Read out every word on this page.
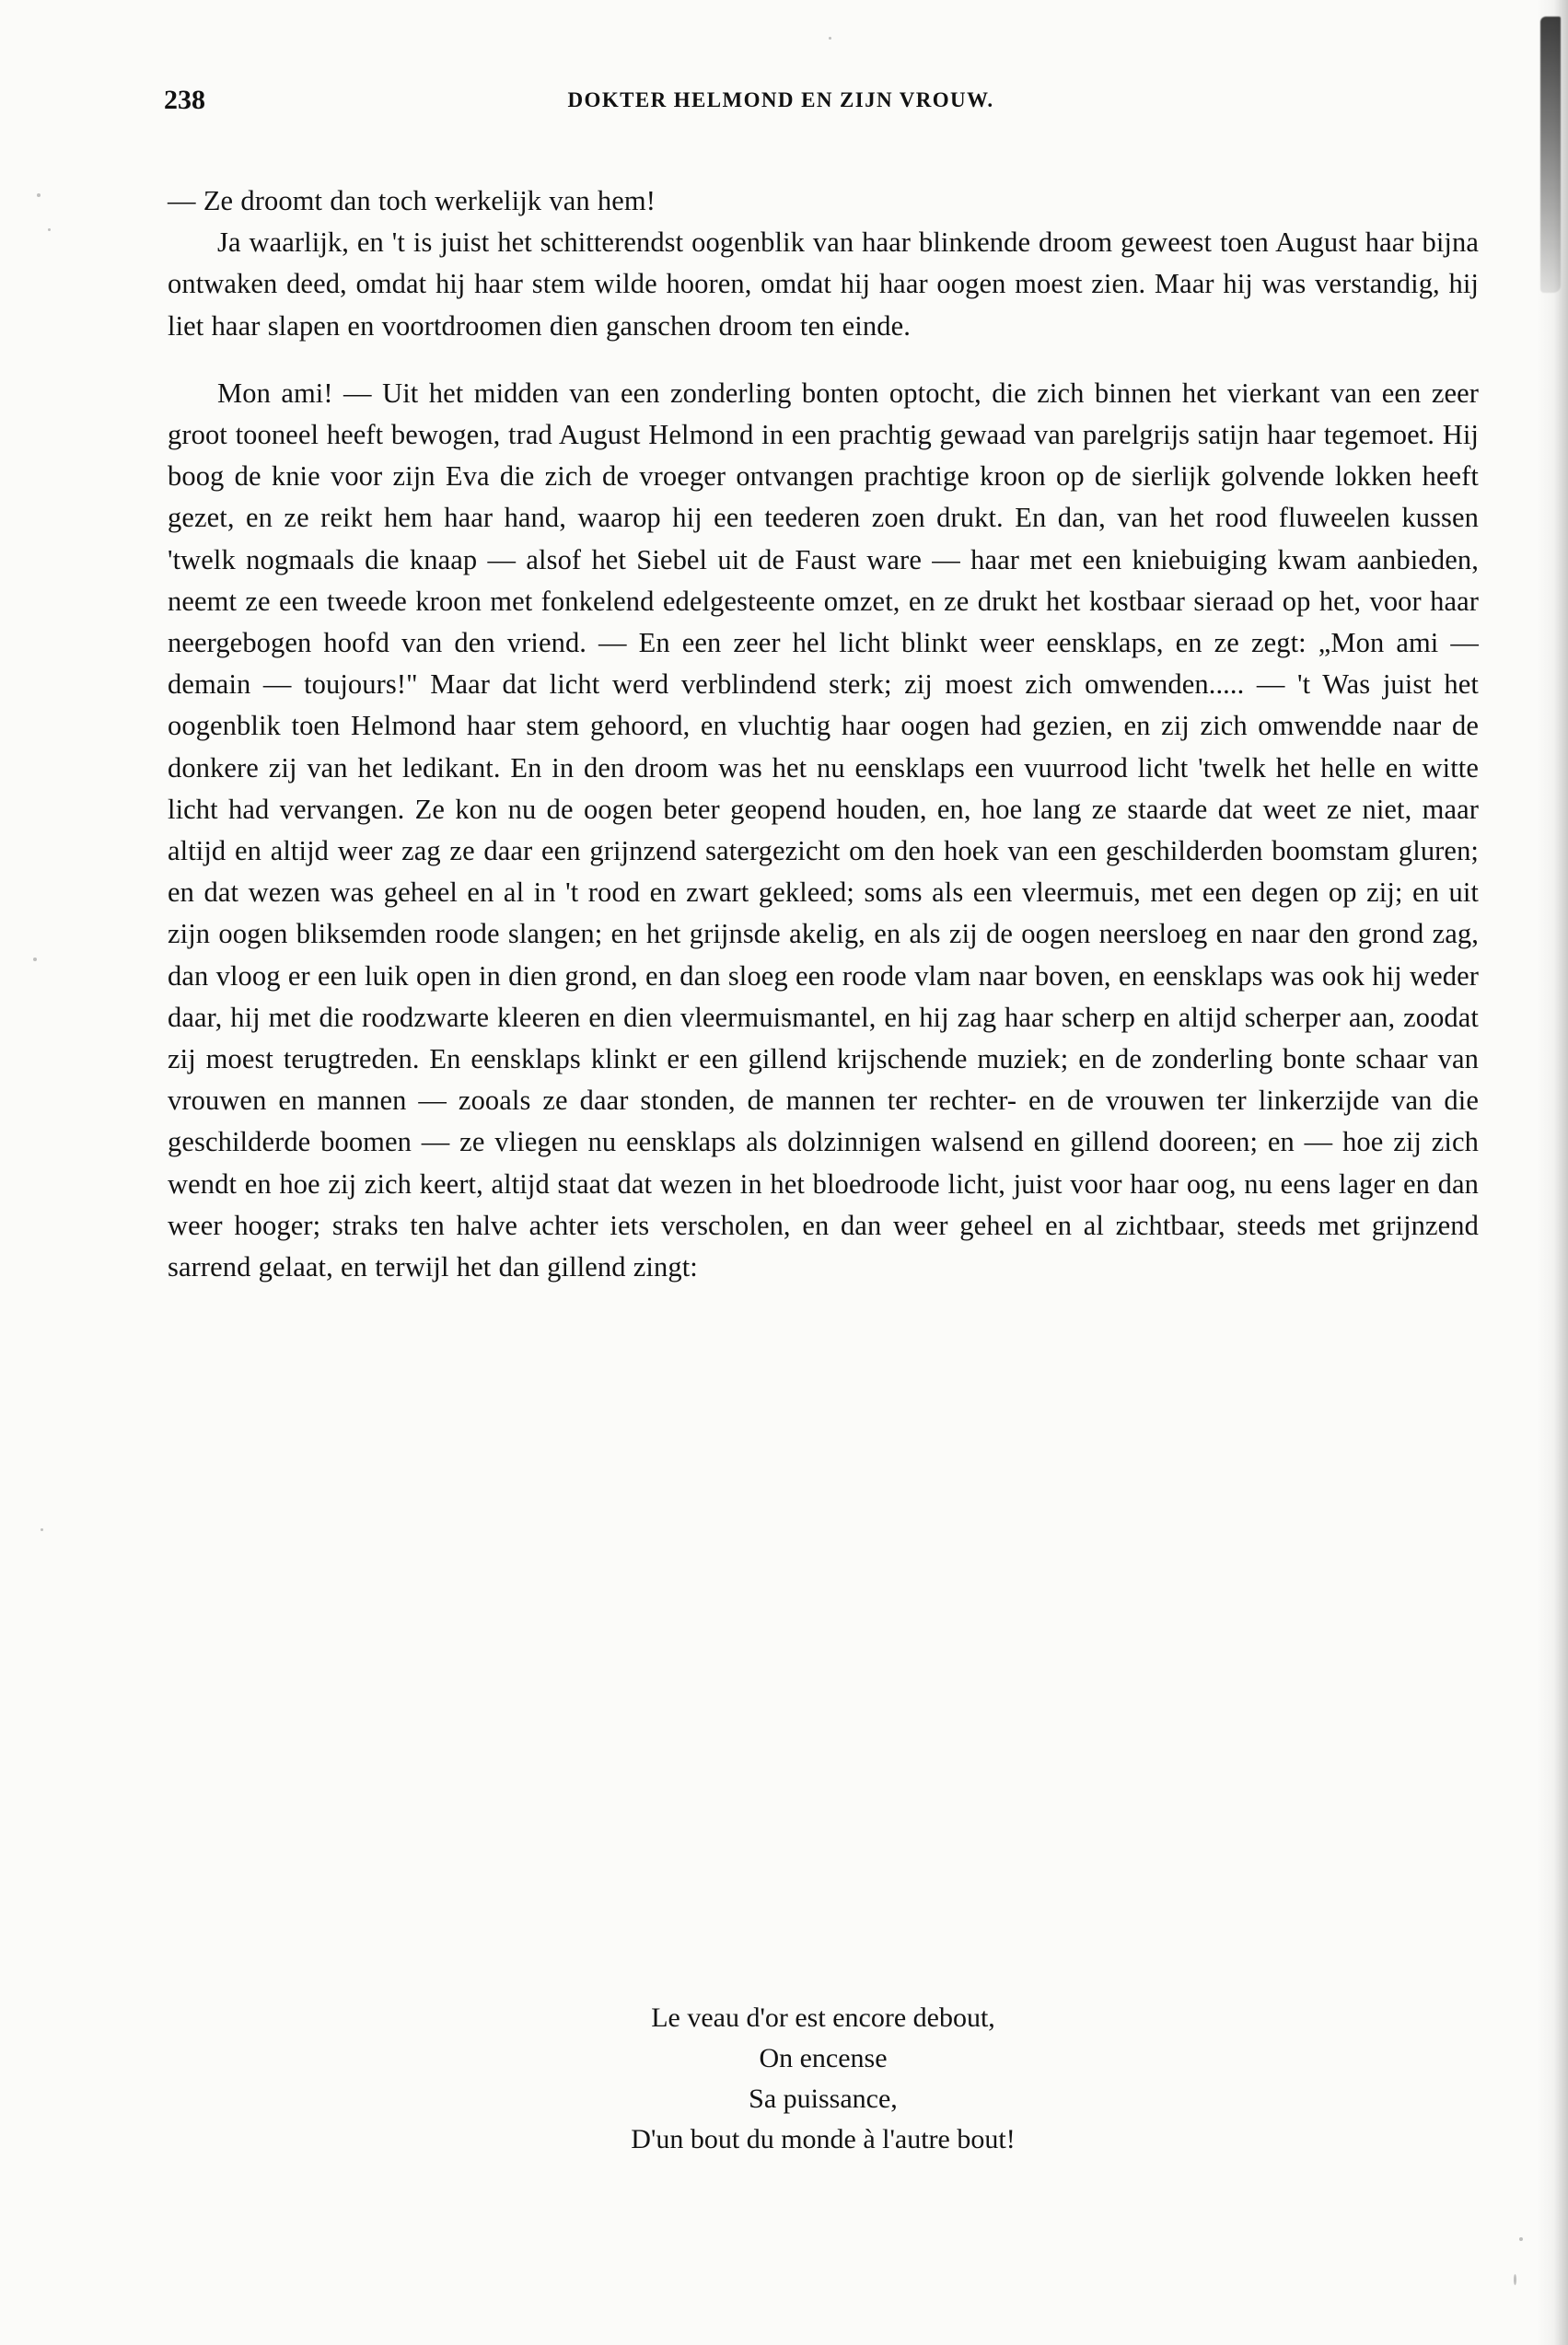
238	DOKTER HELMOND EN ZIJN VROUW.

— Ze droomt dan toch werkelijk van hem!
Ja waarlijk, en 't is juist het schitterendst oogenblik van haar blinkende droom geweest toen August haar bijna ontwaken deed, omdat hij haar stem wilde hooren, omdat hij haar oogen moest zien. Maar hij was verstandig, hij liet haar slapen en voortdroomen dien ganschen droom ten einde.

Mon ami! — Uit het midden van een zonderling bonten optocht, die zich binnen het vierkant van een zeer groot tooneel heeft bewogen, trad August Helmond in een prachtig gewaad van parelgrijs satijn haar tegemoet. Hij boog de knie voor zijn Eva die zich de vroeger ontvangen prachtige kroon op de sierlijk golvende lokken heeft gezet, en ze reikt hem haar hand, waarop hij een teederen zoen drukt. En dan, van het rood fluweelen kussen 'twelk nogmaals die knaap — alsof het Siebel uit de Faust ware — haar met een kniebuiging kwam aanbieden, neemt ze een tweede kroon met fonkelend edelgesteente omzet, en ze drukt het kostbaar sieraad op het, voor haar neergebogen hoofd van den vriend. — En een zeer hel licht blinkt weer eensklaps, en ze zegt: „Mon ami — demain — toujours!" Maar dat licht werd verblindend sterk; zij moest zich omwenden..... — 't Was juist het oogenblik toen Helmond haar stem gehoord, en vluchtig haar oogen had gezien, en zij zich omwendde naar de donkere zij van het ledikant. En in den droom was het nu eensklaps een vuurrood licht 'twelk het helle en witte licht had vervangen. Ze kon nu de oogen beter geopend houden, en, hoe lang ze staarde dat weet ze niet, maar altijd en altijd weer zag ze daar een grijnzend satergezicht om den hoek van een geschilderden boomstam gluren; en dat wezen was geheel en al in 't rood en zwart gekleed; soms als een vleermuis, met een degen op zij; en uit zijn oogen bliksemden roode slangen; en het grijnsde akelig, en als zij de oogen neersloeg en naar den grond zag, dan vloog er een luik open in dien grond, en dan sloeg een roode vlam naar boven, en eensklaps was ook hij weder daar, hij met die roodzwarte kleeren en dien vleermuismantel, en hij zag haar scherp en altijd scherper aan, zoodat zij moest terugtreden. En eensklaps klinkt er een gillend krijschende muziek; en de zonderling bonte schaar van vrouwen en mannen — zooals ze daar stonden, de mannen ter rechter- en de vrouwen ter linkerzijde van die geschilderde boomen — ze vliegen nu eensklaps als dolzinnigen walsend en gillend dooreen; en — hoe zij zich wendt en hoe zij zich keert, altijd staat dat wezen in het bloedroode licht, juist voor haar oog, nu eens lager en dan weer hooger; straks ten halve achter iets verscholen, en dan weer geheel en al zichtbaar, steeds met grijnzend sarrend gelaat, en terwijl het dan gillend zingt:

Le veau d'or est encore debout,
On encense
Sa puissance,
D'un bout du monde à l'autre bout!
